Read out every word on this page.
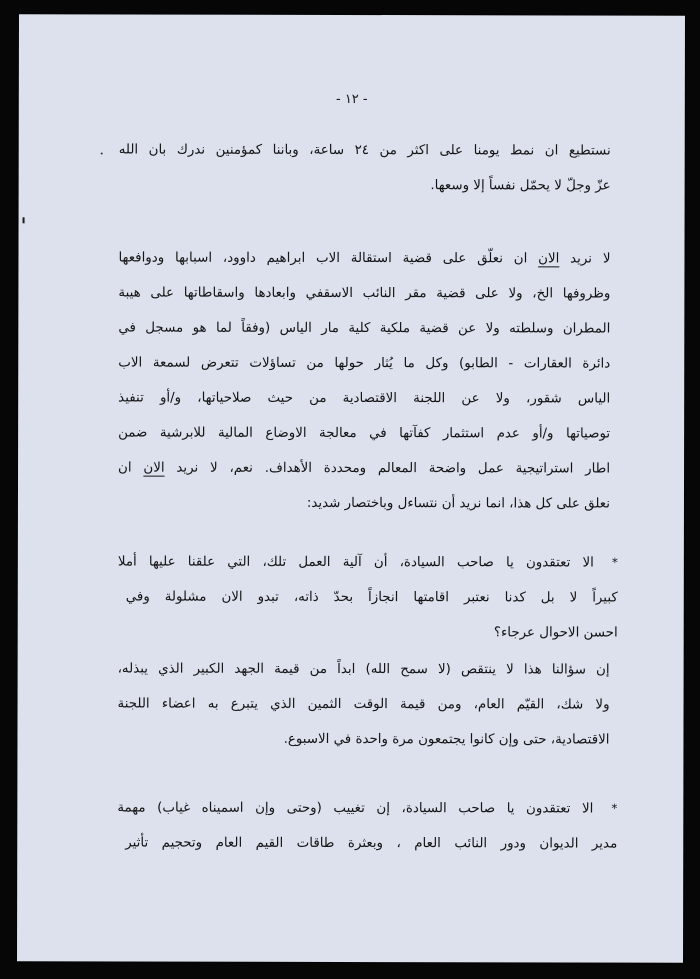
- ١٢ -
نستطيع ان نمط يومنا على اكثر من ٢٤ ساعة، وباننا كمؤمنين ندرك بان الله
عزّ وجلّ لا يحمّل نفساً إلا وسعها.
لا نريد الان ان نعلّق على قضية استقالة الاب ابراهيم داوود، اسبابها ودوافعها
وظروفها الخ، ولا على قضية مقر النائب الاسقفي وابعادها واسقاطاتها على هيبة
المطران وسلطته ولا عن قضية ملكية كلية مار الياس (وفقاً لما هو مسجل في
دائرة العقارات - الطابو) وكل ما يُثار حولها من تساؤلات تتعرض لسمعة الاب
الياس شقور، ولا عن اللجنة الاقتصادية من حيث صلاحياتها، و/أو تنفيذ
توصياتها و/أو عدم استثمار كفآتها في معالجة الاوضاع المالية للابرشية ضمن
اطار استراتيجية عمل واضحة المعالم ومحددة الأهداف. نعم، لا نريد الان ان
نعلق على كل هذا، انما نريد أن نتساءل وباختصار شديد:
*
الا تعتقدون يا صاحب السيادة، أن آلية العمل تلك، التي علقنا عليها أملا
كبيراً لا بل كدنا نعتبر اقامتها انجازاً بحدّ ذاته، تبدو الان مشلولة وفي
احسن الاحوال عرجاء؟
إن سؤالنا هذا لا ينتقص (لا سمح الله) ابداً من قيمة الجهد الكبير الذي يبذله،
ولا شك، القيّم العام، ومن قيمة الوقت الثمين الذي يتبرع به اعضاء اللجنة
الاقتصادية، حتى وإن كانوا يجتمعون مرة واحدة في الاسبوع.
*
الا تعتقدون يا صاحب السيادة، إن تغييب (وحتى وإن اسميناه غياب) مهمة
مدير الديوان ودور النائب العام ، وبعثرة طاقات القيم العام وتحجيم تأثير
